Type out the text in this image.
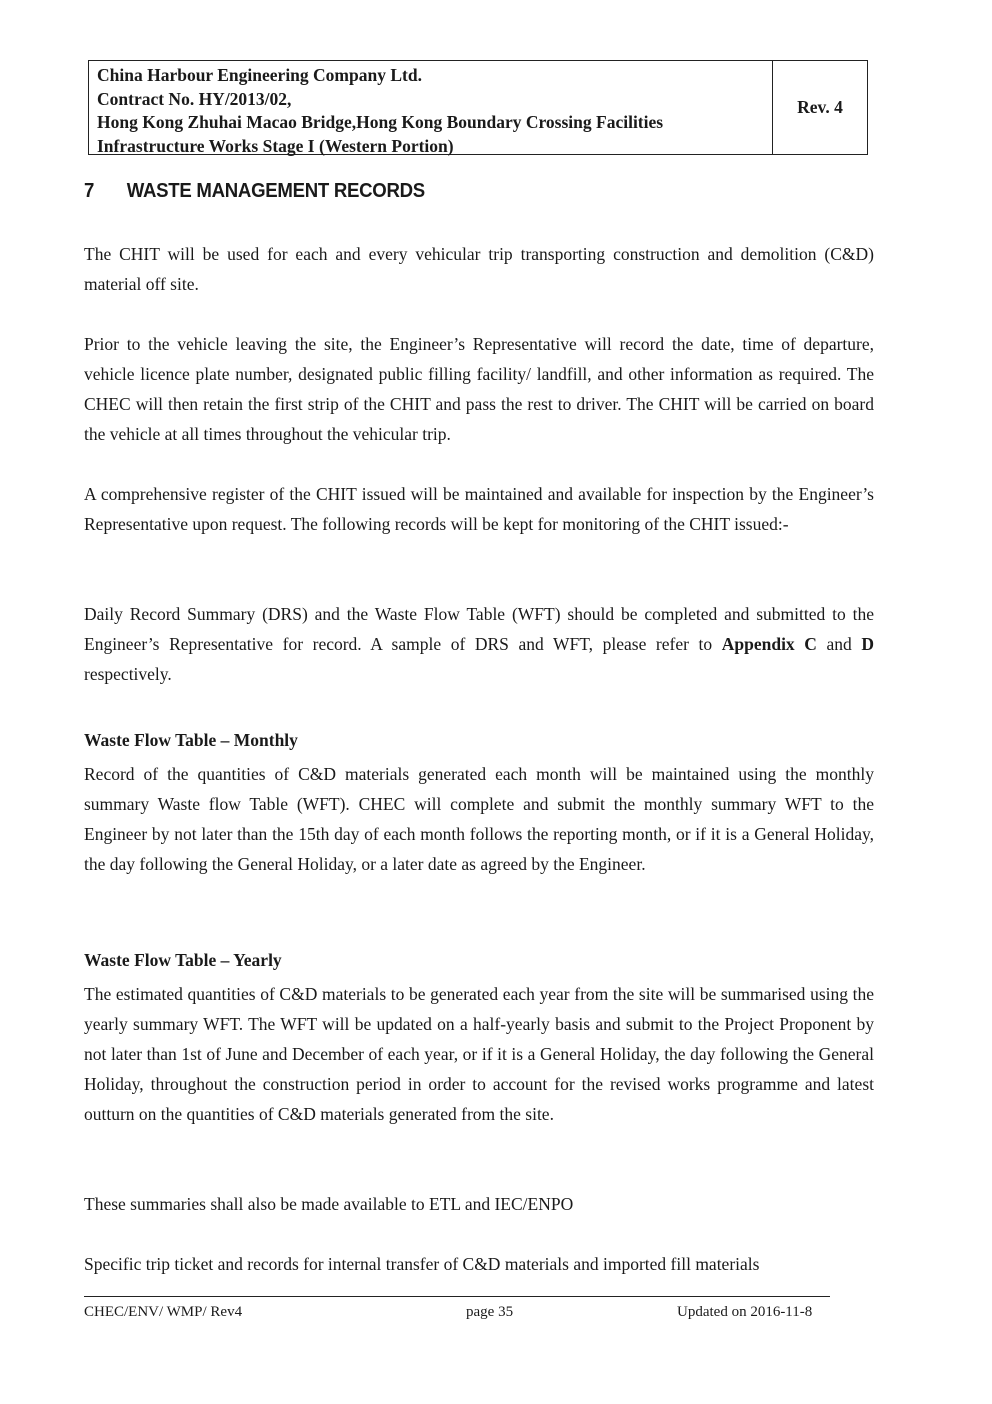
China Harbour Engineering Company Ltd.
Contract No. HY/2013/02,
Hong Kong Zhuhai Macao Bridge,Hong Kong Boundary Crossing Facilities
Infrastructure Works Stage I (Western Portion)
Rev. 4
7 WASTE MANAGEMENT RECORDS

The CHIT will be used for each and every vehicular trip transporting construction and demolition (C&D) material off site.

Prior to the vehicle leaving the site, the Engineer’s Representative will record the date, time of departure, vehicle licence plate number, designated public filling facility/ landfill, and other information as required. The CHEC will then retain the first strip of the CHIT and pass the rest to driver. The CHIT will be carried on board the vehicle at all times throughout the vehicular trip.

A comprehensive register of the CHIT issued will be maintained and available for inspection by the Engineer’s Representative upon request. The following records will be kept for monitoring of the CHIT issued:-

Daily Record Summary (DRS) and the Waste Flow Table (WFT) should be completed and submitted to the Engineer’s Representative for record. A sample of DRS and WFT, please refer to Appendix C and D respectively.

Waste Flow Table – Monthly

Record of the quantities of C&D materials generated each month will be maintained using the monthly summary Waste flow Table (WFT). CHEC will complete and submit the monthly summary WFT to the Engineer by not later than the 15th day of each month follows the reporting month, or if it is a General Holiday, the day following the General Holiday, or a later date as agreed by the Engineer.

Waste Flow Table – Yearly

The estimated quantities of C&D materials to be generated each year from the site will be summarised using the yearly summary WFT. The WFT will be updated on a half-yearly basis and submit to the Project Proponent by not later than 1st of June and December of each year, or if it is a General Holiday, the day following the General Holiday, throughout the construction period in order to account for the revised works programme and latest outturn on the quantities of C&D materials generated from the site.

These summaries shall also be made available to ETL and IEC/ENPO

Specific trip ticket and records for internal transfer of C&D materials and imported fill materials

CHEC/ENV/ WMP/ Rev4	page 35	Updated on 2016-11-8
